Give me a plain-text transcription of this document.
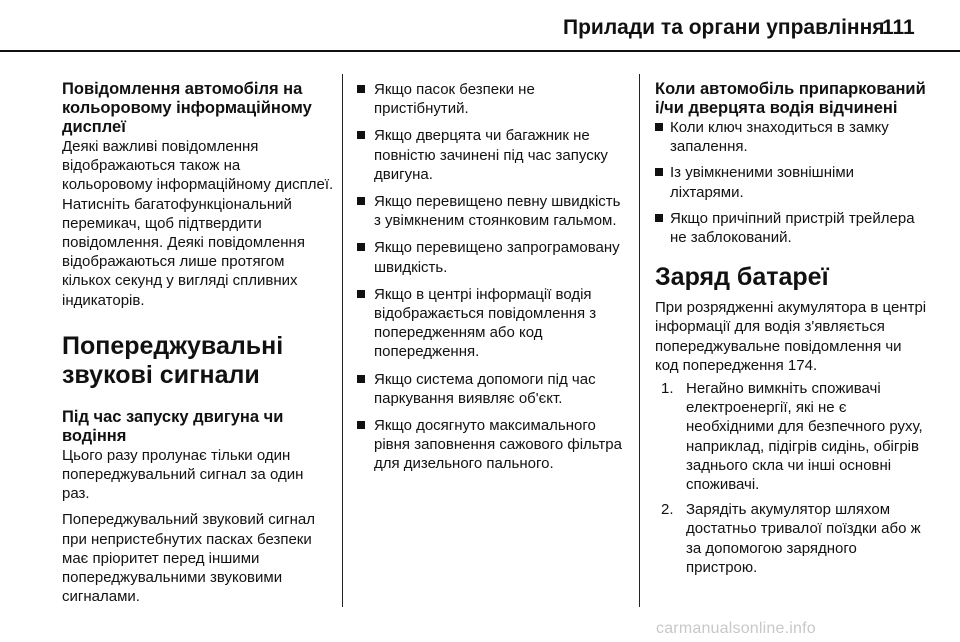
Прилади та органи управління
111
Повідомлення автомобіля на кольоровому інформаційному дисплеї
Деякі важливі повідомлення відображаються також на кольоровому інформаційному дисплеї. Натисніть багатофункціональний перемикач, щоб підтвердити повідомлення. Деякі повідомлення відображаються лише протягом кількох секунд у вигляді спливних індикаторів.
Попереджувальні звукові сигнали
Під час запуску двигуна чи водіння
Цього разу пролунає тільки один попереджувальний сигнал за один раз.
Попереджувальний звуковий сигнал при непристебнутих пасках безпеки має пріоритет перед іншими попереджувальними звуковими сигналами.
Якщо пасок безпеки не пристібнутий.
Якщо дверцята чи багажник не повністю зачинені під час запуску двигуна.
Якщо перевищено певну швидкість з увімкненим стоянковим гальмом.
Якщо перевищено запрограмовану швидкість.
Якщо в центрі інформації водія відображається повідомлення з попередженням або код попередження.
Якщо система допомоги під час паркування виявляє об'єкт.
Якщо досягнуто максимального рівня заповнення сажового фільтра для дизельного пального.
Коли автомобіль припаркований і/чи дверцята водія відчинені
Коли ключ знаходиться в замку запалення.
Із увімкненими зовнішніми ліхтарями.
Якщо причіпний пристрій трейлера не заблокований.
Заряд батареї
При розрядженні акумулятора в центрі інформації для водія з'являється попереджувальне повідомлення чи код попередження 174.
1. Негайно вимкніть споживачі електроенергії, які не є необхідними для безпечного руху, наприклад, підігрів сидінь, обігрів заднього скла чи інші основні споживачі.
2. Зарядіть акумулятор шляхом достатньо тривалої поїздки або ж за допомогою зарядного пристрою.
carmanualsonline.info
